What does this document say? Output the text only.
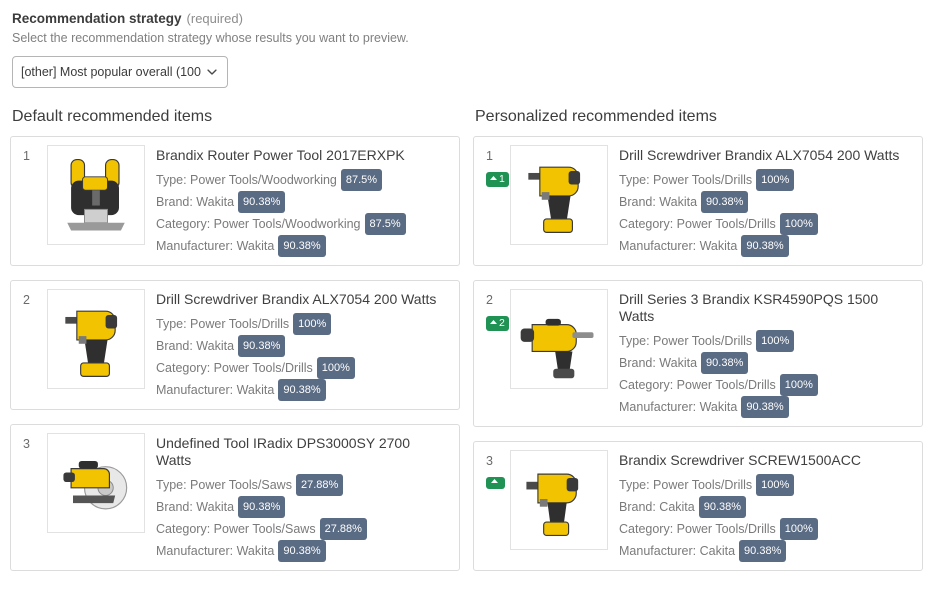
Recommendation strategy (required)
Select the recommendation strategy whose results you want to preview.
[other] Most popular overall (100
Default recommended items
1	Brandix Router Power Tool 2017ERXPK
Type: Power Tools/Woodworking 87.5%
Brand: Wakita 90.38%
Category: Power Tools/Woodworking 87.5%
Manufacturer: Wakita 90.38%
2	Drill Screwdriver Brandix ALX7054 200 Watts
Type: Power Tools/Drills 100%
Brand: Wakita 90.38%
Category: Power Tools/Drills 100%
Manufacturer: Wakita 90.38%
3	Undefined Tool IRadix DPS3000SY 2700 Watts
Type: Power Tools/Saws 27.88%
Brand: Wakita 90.38%
Category: Power Tools/Saws 27.88%
Manufacturer: Wakita 90.38%
Personalized recommended items
1
1
Drill Screwdriver Brandix ALX7054 200 Watts
Type: Power Tools/Drills 100%
Brand: Wakita 90.38%
Category: Power Tools/Drills 100%
Manufacturer: Wakita 90.38%
2
2
Drill Series 3 Brandix KSR4590PQS 1500 Watts
Type: Power Tools/Drills 100%
Brand: Wakita 90.38%
Category: Power Tools/Drills 100%
Manufacturer: Wakita 90.38%
3	Brandix Screwdriver SCREW1500ACC
Type: Power Tools/Drills 100%
Brand: Cakita 90.38%
Category: Power Tools/Drills 100%
Manufacturer: Cakita 90.38%
